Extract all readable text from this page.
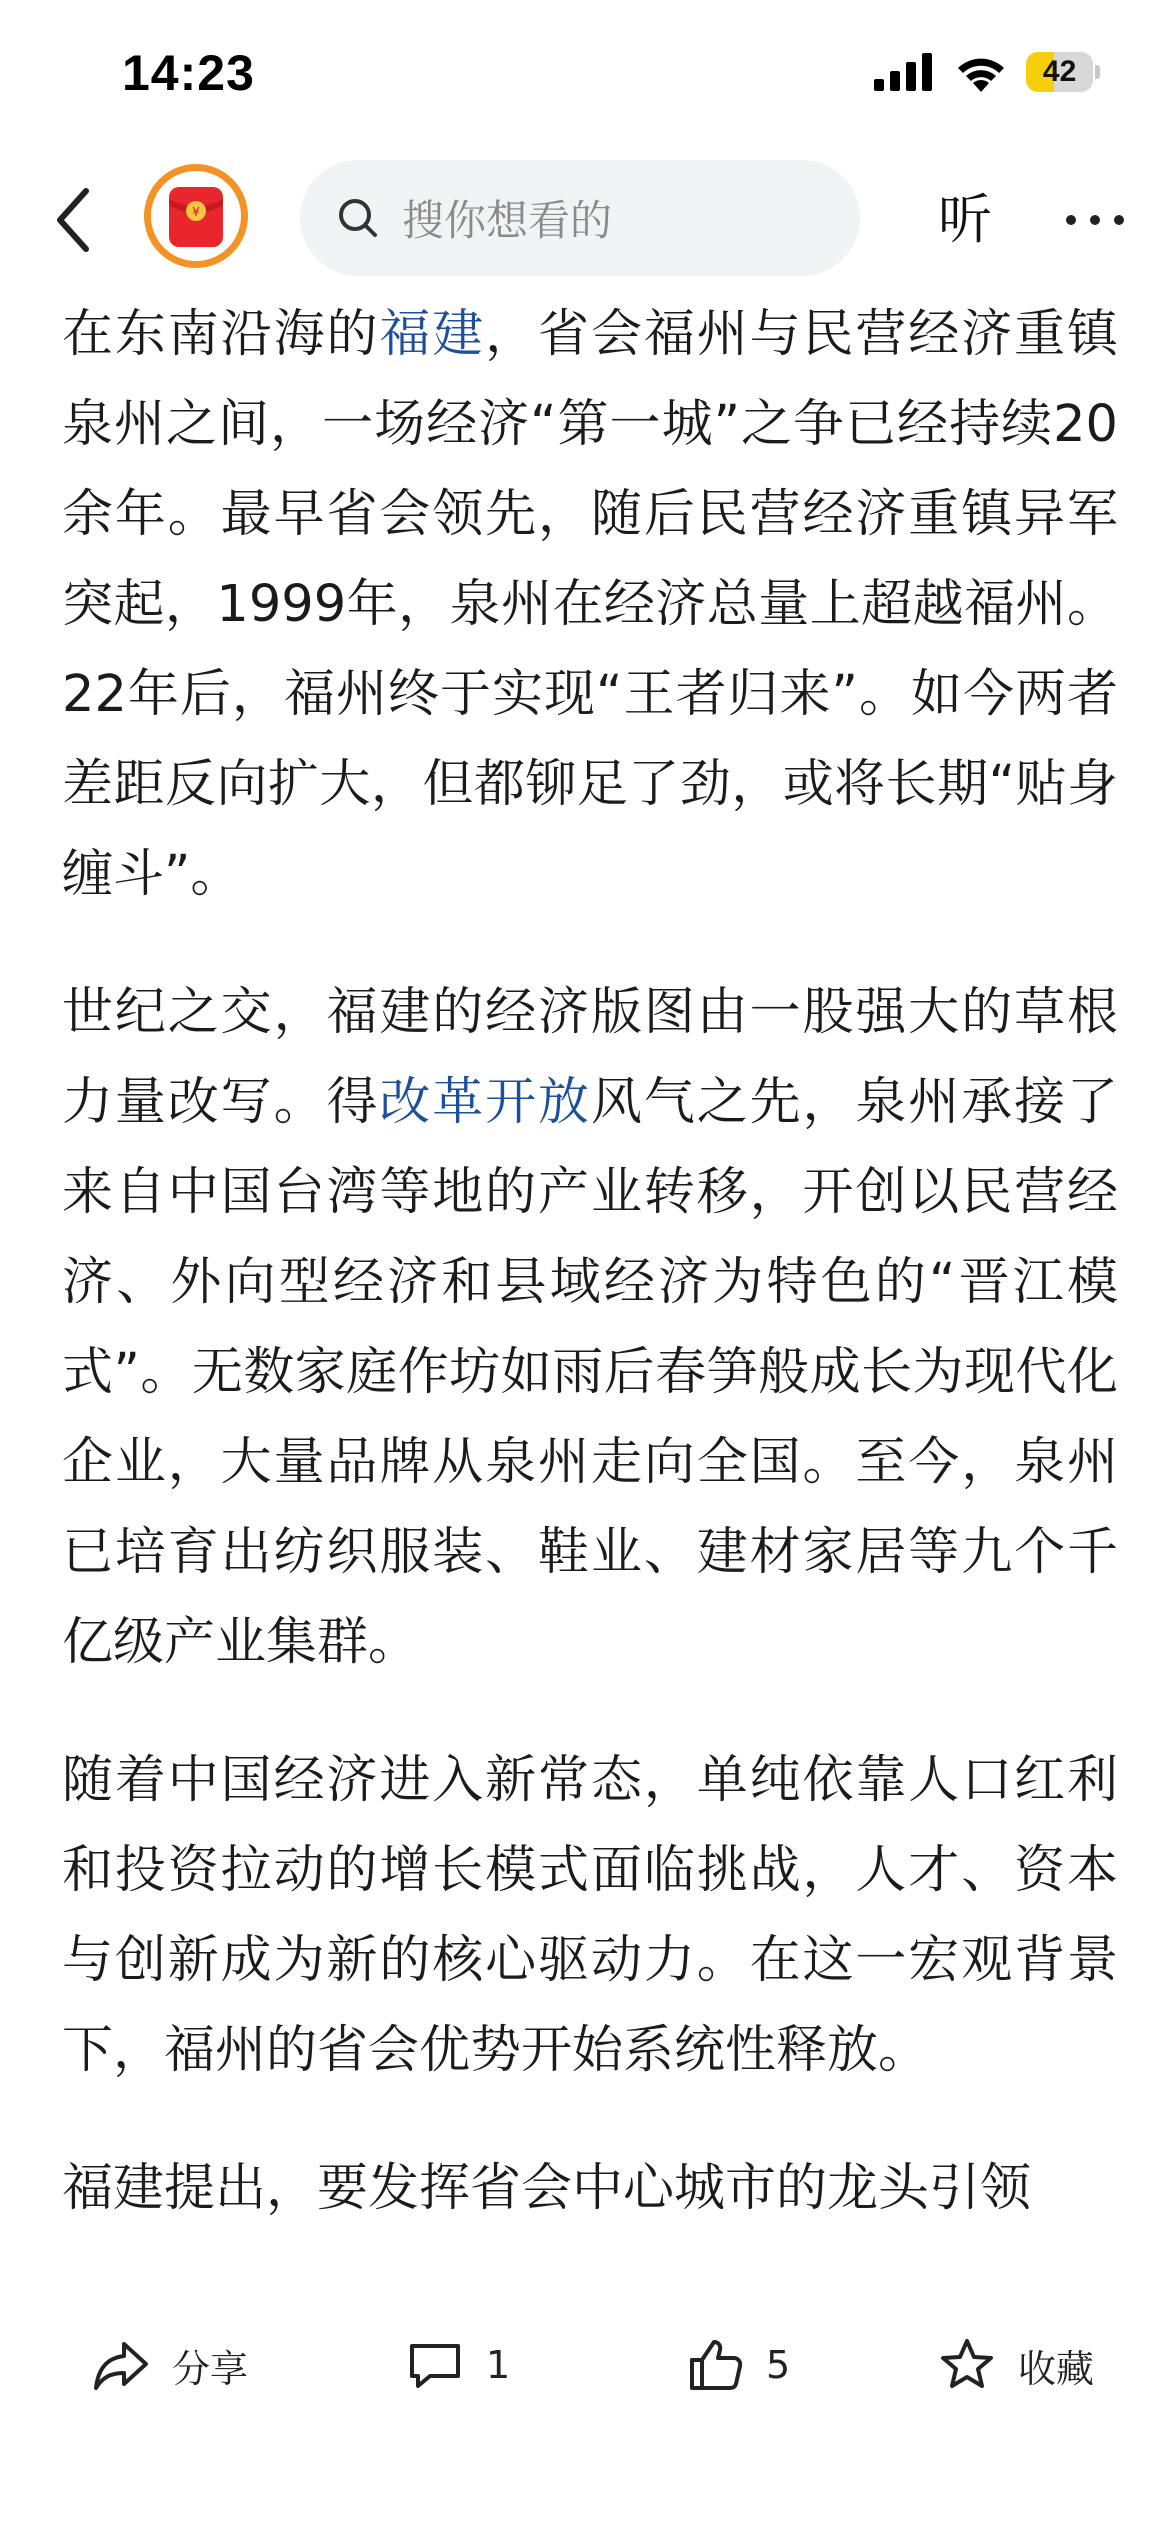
14:23	42
¥	搜你想看的	听

在东南沿海的福建，省会福州与民营经济重镇泉州之间，一场经济“第一城”之争已经持续20余年。最早省会领先，随后民营经济重镇异军突起，1999年，泉州在经济总量上超越福州。22年后，福州终于实现“王者归来”。如今两者差距反向扩大，但都铆足了劲，或将长期“贴身缠斗”。

世纪之交，福建的经济版图由一股强大的草根力量改写。得改革开放风气之先，泉州承接了来自中国台湾等地的产业转移，开创以民营经济、外向型经济和县域经济为特色的“晋江模式”。无数家庭作坊如雨后春笋般成长为现代化企业，大量品牌从泉州走向全国。至今，泉州已培育出纺织服装、鞋业、建材家居等九个千亿级产业集群。

随着中国经济进入新常态，单纯依靠人口红利和投资拉动的增长模式面临挑战，人才、资本与创新成为新的核心驱动力。在这一宏观背景下，福州的省会优势开始系统性释放。

福建提出，要发挥省会中心城市的龙头引领

分享	1	5	收藏
